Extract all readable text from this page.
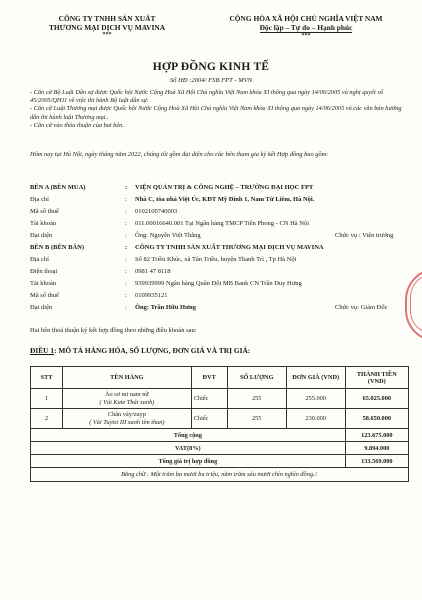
CÔNG TY TNHH SẢN XUẤT
THƯƠNG MẠI DỊCH VỤ MAVINA
***
CỘNG HÒA XÃ HỘI CHỦ NGHĨA VIỆT NAM
Độc lập – Tự do – Hạnh phúc
***
HỢP ĐỒNG KINH TẾ
Số HĐ :2004/ FSB FPT - MVN

- Căn cứ Bộ Luật Dân sự được Quốc hội Nước Cộng Hoà Xã Hội Chủ nghĩa Việt Nam khóa XI thông qua ngày 14/06/2005 và nghị quyết số 45/2005/QH11 về việc thi hành Bộ luật dân sự.

- Căn cứ Luật Thương mại được Quốc hội Nước Cộng Hoà Xã Hội Chủ nghĩa Việt Nam khóa XI thông qua ngày 14/06/2005 và các văn bản hướng dẫn thi hành luật Thương mại..

- Căn cứ vào thỏa thuận của hai bên.

Hôm nay tại Hà Nội, ngày tháng năm 2022, chúng tôi gồm đại diện cho các bên tham gia ký kết Hợp đồng bao gồm:
BÊN A (BÊN MUA)	:	VIỆN QUẢN TRỊ & CÔNG NGHỆ – TRƯỜNG ĐẠI HỌC FPT
Địa chỉ	:	Nhà C, tòa nhà Việt Úc, KĐT Mỹ Đình 1, Nam Từ Liêm, Hà Nội.
Mã số thuế	:	0102100740003
Tài khoản	:	011.00016640.001 Tại Ngân hàng TMCP Tiên Phong - CN Hà Nội
Đại diện	:	Ông: Nguyễn Việt Thắng	Chức vụ : Viện trưởng
BÊN B (BÊN BÁN)	:	CÔNG TY TNHH SẢN XUẤT THƯƠNG MẠI DỊCH VỤ MAVINA
Địa chỉ	:	Số 82 Triều Khúc, xã Tân Triều, huyện Thanh Trì , Tp Hà Nội
Điện thoại	:	0981 47 8118
Tài khoản	:	939939999 Ngân hàng Quân Đội MB Bank CN Trần Duy Hưng
Mã số thuế	:	0109935121
Đại diện	:	Ông: Trần Hữu Hưng	Chức vụ: Giám Đốc
Hai bên thoả thuận ký kết hợp đồng theo những điều khoản sau:
ĐIỀU 1: MÔ TẢ HÀNG HÓA, SỐ LƯỢNG, ĐƠN GIÁ VÀ TRỊ GIÁ:
STT	TÊN HÀNG	ĐVT	SỐ LƯỢNG	ĐƠN GIÁ (VND)	THÀNH TIỀN (VND)
1	Áo sơ mi nam nữ
( Vải Kate Thái xanh)	Chiếc	255	255.000	65.025.000
2	Chân váy/zuyp
( Vải Tuytsi III xanh tím than)	Chiếc	255	230.000	58.650.000
Tổng cộng					123.675.000
VAT(8%)					9.894.000
Tổng giá trị hợp đồng					133.569.000
Bằng chữ : Một trăm ba mươi ba triệu, năm trăm sáu mươi chín nghìn đồng./.					
